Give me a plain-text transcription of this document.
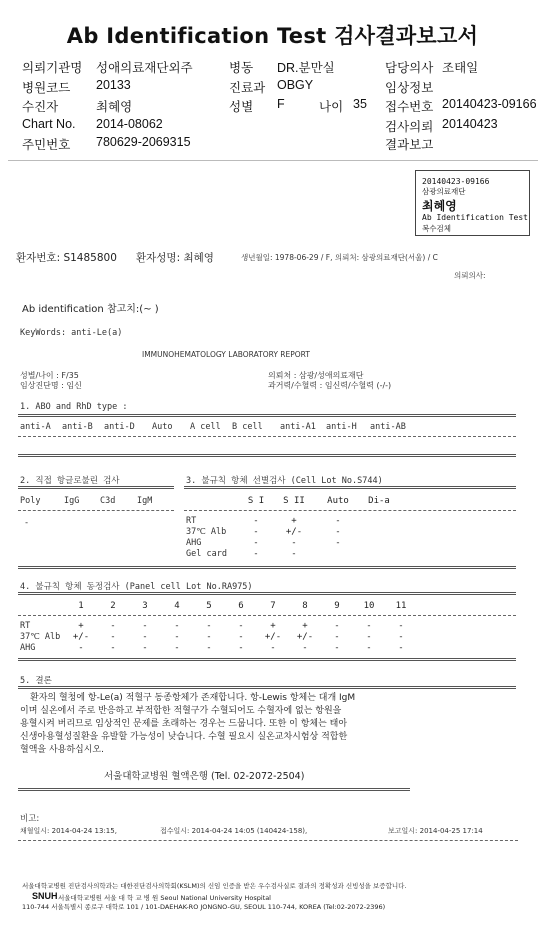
Ab Identification Test 검사결과보고서
의뢰기관명 성애의료재단외주	병동 DR.분만실	담당의사 조태일
병원코드 20133	진료과 OBGY	임상정보
수진자	최혜영	성별 F	나이 35 접수번호 20140423-09166
Chart No. 2014-08062	검사의뢰 20140423
주민번호 780629-2069315	결과보고
20140423-09166
삼광의료재단
최혜영
Ab Identification Test
복수검체
환자번호: S1485800 환자성명: 최혜영	생년월일: 1978-06-29 / F, 의뢰처: 삼광의료재단(서울) / C
의뢰의사:
Ab identification 참고치:(~ )
KeyWords: anti-Le(a)
IMMUNOHEMATOLOGY LABORATORY REPORT
성별/나이 : F/35
임상진단명 : 임신
의뢰처 : 삼광/성애의료재단
과거력/수혈력 : 임신력/수혈력 (-/-)
1. ABO and RhD type :
anti-A anti-B anti-D Auto A cell B cell anti-A1 anti-H anti-AB
2. 직접 항글로불린 검사
Poly	IgG C3d	IgM
-
3. 불규칙 항체 선별검사 (Cell Lot No.S744)
S I S II	Auto	Di-a
RT	-	+	-
37℃ Alb	-	+/-	-
AHG	-	-	-
Gel card	-	-
4. 불규칙 항체 동정검사 (Panel cell Lot No.RA975)
1	2	3	4	5	6	7	8	9	10	11
RT	+	-	-	-	-	-	+	+	-	-	-
37℃ Alb +/-	-	-	-	-	-	+/- +/-	-	-	-
AHG	-	-	-	-	-	-	-	-	-	-	-
5. 결론
환자의 혈청에 항-Le(a) 적혈구 동종항체가 존재합니다. 항-Lewis 항체는 대개 IgM
이며 실온에서 주로 반응하고 부적합한 적혈구가 수혈되어도 수혈자에 없는 항원을
용혈시켜 버리므로 임상적인 문제를 초래하는 경우는 드뭅니다. 또한 이 항체는 태아
신생아용혈성질환을 유발할 가능성이 낮습니다. 수혈 필요시 실온교차시험상 적합한
혈액을 사용하십시오.
서울대학교병원 혈액은행 (Tel. 02-2072-2504)
비고:
채혈일시: 2014-04-24 13:15,	접수일시: 2014-04-24 14:05 (140424-158),	보고일시: 2014-04-25 17:14
서울대학교병원 진단검사의학과는 대한진단검사의학회(KSLM)의 신임 인증을 받은 우수검사실로 결과의 정확성과 신빙성을 보증합니다.
SNUH 서울대학교병원 서울 대 학 교 병 원 Seoul National University Hospital
110-744 서울특별시 종로구 대학로 101 / 101-DAEHAK-RO JONGNO-GU, SEOUL 110-744, KOREA (Tel:02-2072-2396)
